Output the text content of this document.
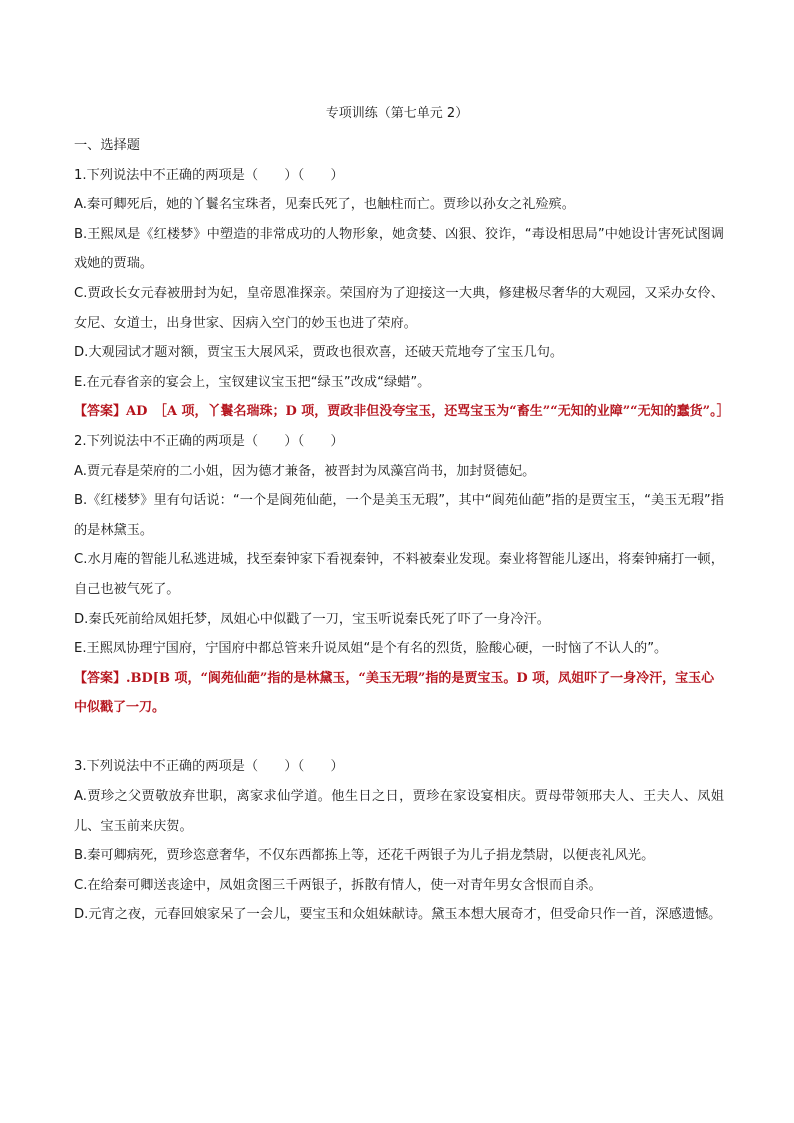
专项训练（第七单元 2）

一、选择题

1.下列说法中不正确的两项是（　　）（　　）

A.秦可卿死后，她的丫鬟名宝珠者，见秦氏死了，也触柱而亡。贾珍以孙女之礼殓殡。

B.王熙凤是《红楼梦》中塑造的非常成功的人物形象，她贪婪、凶狠、狡诈，“毒设相思局”中她设计害死试图调戏她的贾瑞。

C.贾政长女元春被册封为妃，皇帝恩准探亲。荣国府为了迎接这一大典，修建极尽奢华的大观园，又采办女伶、女尼、女道士，出身世家、因病入空门的妙玉也进了荣府。

D.大观园试才题对额，贾宝玉大展风采，贾政也很欢喜，还破天荒地夸了宝玉几句。

E.在元春省亲的宴会上，宝钗建议宝玉把“绿玉”改成“绿蜡”。

【答案】AD　［A 项，丫鬟名瑞珠；D 项，贾政非但没夸宝玉，还骂宝玉为“畜生”“无知的业障”“无知的蠢货”。］

2.下列说法中不正确的两项是（　　）（　　）

A.贾元春是荣府的二小姐，因为德才兼备，被晋封为凤藻宫尚书，加封贤德妃。

B.《红楼梦》里有句话说：“一个是阆苑仙葩，一个是美玉无瑕”，其中“阆苑仙葩”指的是贾宝玉，“美玉无瑕”指的是林黛玉。

C.水月庵的智能儿私逃进城，找至秦钟家下看视秦钟，不料被秦业发现。秦业将智能儿逐出，将秦钟痛打一顿，自己也被气死了。

D.秦氏死前给凤姐托梦，凤姐心中似戳了一刀，宝玉听说秦氏死了吓了一身冷汗。

E.王熙凤协理宁国府，宁国府中都总管来升说凤姐“是个有名的烈货，脸酸心硬，一时恼了不认人的”。

【答案】.BD[B 项，“阆苑仙葩”指的是林黛玉，“美玉无瑕”指的是贾宝玉。D 项，凤姐吓了一身冷汗，宝玉心中似戳了一刀。

3.下列说法中不正确的两项是（　　）（　　）

A.贾珍之父贾敬放弃世职，离家求仙学道。他生日之日，贾珍在家设宴相庆。贾母带领邢夫人、王夫人、凤姐儿、宝玉前来庆贺。

B.秦可卿病死，贾珍恣意奢华，不仅东西都拣上等，还花千两银子为儿子捐龙禁尉，以便丧礼风光。

C.在给秦可卿送丧途中，凤姐贪图三千两银子，拆散有情人，使一对青年男女含恨而自杀。

D.元宵之夜，元春回娘家呆了一会儿，要宝玉和众姐妹献诗。黛玉本想大展奇才，但受命只作一首，深感遗憾。
